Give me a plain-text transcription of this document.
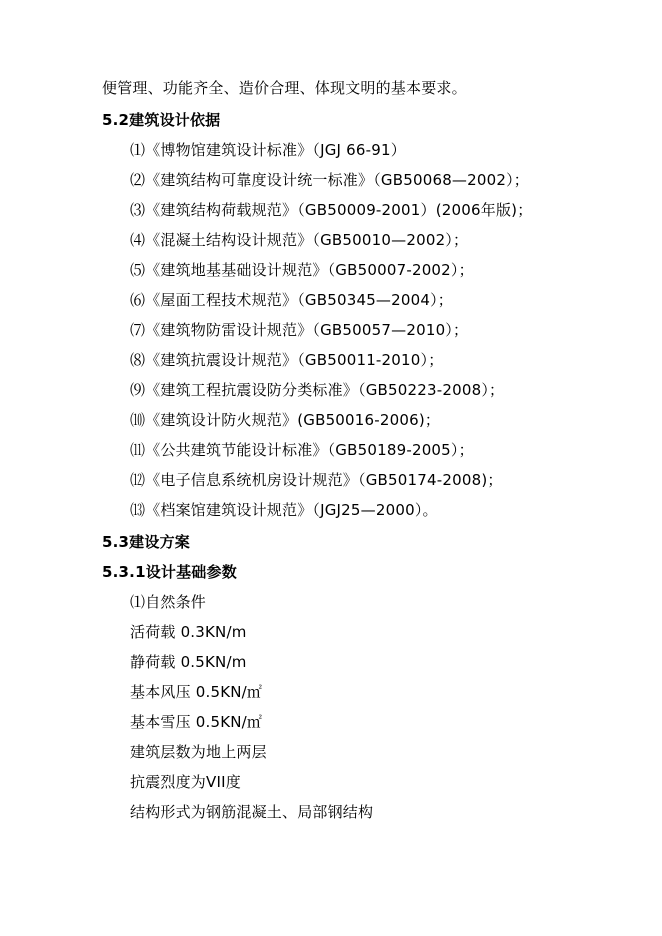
便管理、功能齐全、造价合理、体现文明的基本要求。
5.2建筑设计依据
⑴《博物馆建筑设计标准》（JGJ 66-91）
⑵《建筑结构可靠度设计统一标准》（GB50068—2002）；
⑶《建筑结构荷载规范》（GB50009-2001）(2006年版)；
⑷《混凝土结构设计规范》（GB50010—2002）；
⑸《建筑地基基础设计规范》（GB50007-2002）；
⑹《屋面工程技术规范》（GB50345—2004）；
⑺《建筑物防雷设计规范》（GB50057—2010）；
⑻《建筑抗震设计规范》（GB50011-2010）；
⑼《建筑工程抗震设防分类标准》（GB50223-2008）；
⑽《建筑设计防火规范》(GB50016-2006)；
⑾《公共建筑节能设计标准》（GB50189-2005）；
⑿《电子信息系统机房设计规范》（GB50174-2008)；
⒀《档案馆建筑设计规范》（JGJ25—2000）。
5.3建设方案
5.3.1设计基础参数
⑴自然条件
活荷载 0.3KN/m
静荷载 0.5KN/m
基本风压 0.5KN/㎡
基本雪压 0.5KN/㎡
建筑层数为地上两层
抗震烈度为VII度
结构形式为钢筋混凝土、局部钢结构
